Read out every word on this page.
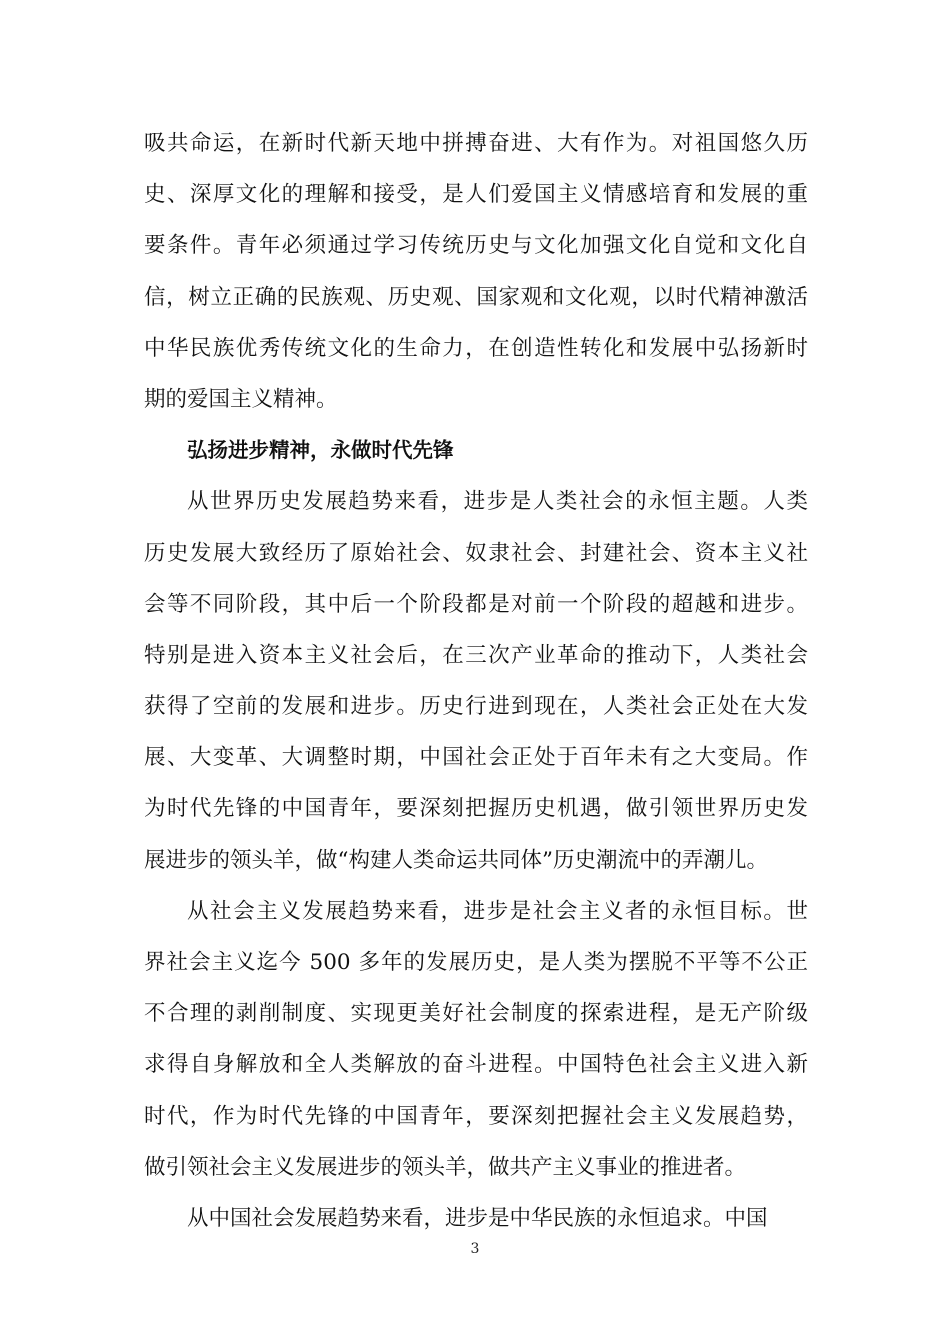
吸共命运，在新时代新天地中拼搏奋进、大有作为。对祖国悠久历
史、深厚文化的理解和接受，是人们爱国主义情感培育和发展的重
要条件。青年必须通过学习传统历史与文化加强文化自觉和文化自
信，树立正确的民族观、历史观、国家观和文化观，以时代精神激活
中华民族优秀传统文化的生命力，在创造性转化和发展中弘扬新时
期的爱国主义精神。
弘扬进步精神，永做时代先锋
从世界历史发展趋势来看，进步是人类社会的永恒主题。人类
历史发展大致经历了原始社会、奴隶社会、封建社会、资本主义社
会等不同阶段，其中后一个阶段都是对前一个阶段的超越和进步。
特别是进入资本主义社会后，在三次产业革命的推动下，人类社会
获得了空前的发展和进步。历史行进到现在，人类社会正处在大发
展、大变革、大调整时期，中国社会正处于百年未有之大变局。作
为时代先锋的中国青年，要深刻把握历史机遇，做引领世界历史发
展进步的领头羊，做“构建人类命运共同体”历史潮流中的弄潮儿。
从社会主义发展趋势来看，进步是社会主义者的永恒目标。世
界社会主义迄今 500 多年的发展历史，是人类为摆脱不平等不公正
不合理的剥削制度、实现更美好社会制度的探索进程，是无产阶级
求得自身解放和全人类解放的奋斗进程。中国特色社会主义进入新
时代，作为时代先锋的中国青年，要深刻把握社会主义发展趋势，
做引领社会主义发展进步的领头羊，做共产主义事业的推进者。
从中国社会发展趋势来看，进步是中华民族的永恒追求。中国
3
